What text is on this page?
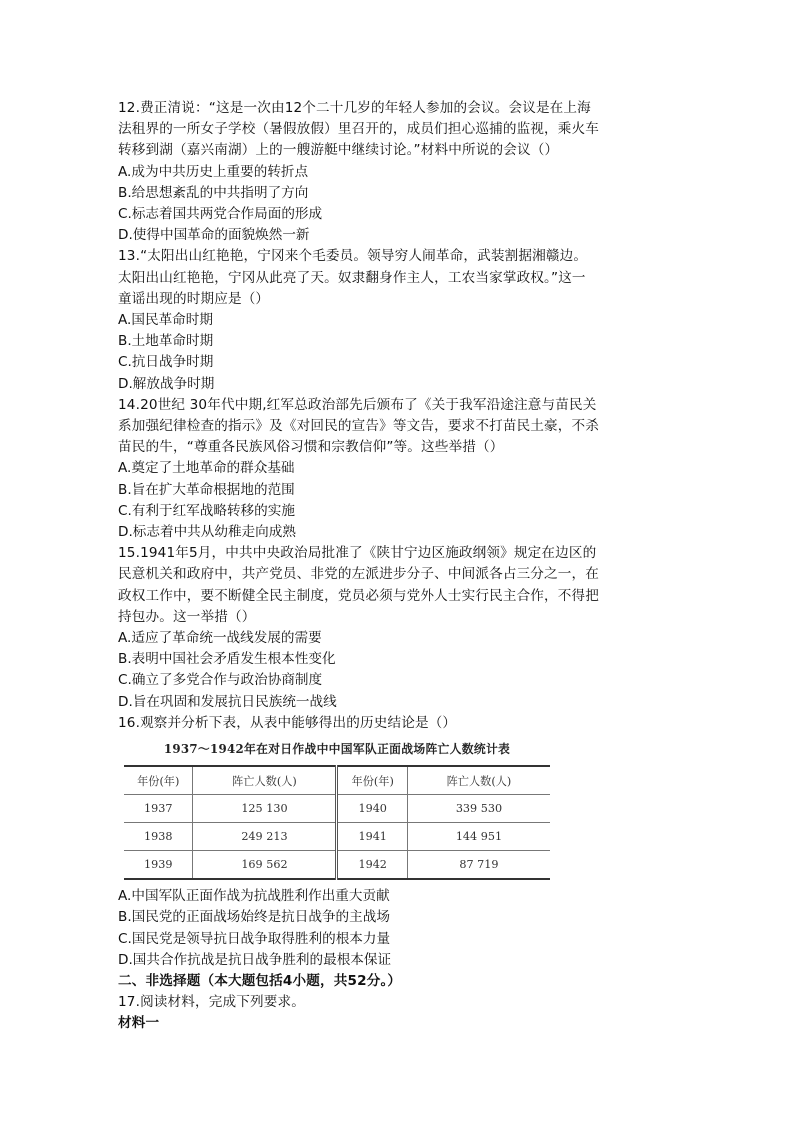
12.费正清说：“这是一次由12个二十几岁的年轻人参加的会议。会议是在上海
法租界的一所女子学校（暑假放假）里召开的，成员们担心巡捕的监视，乘火车
转移到湖（嘉兴南湖）上的一艘游艇中继续讨论。”材料中所说的会议（）
A.成为中共历史上重要的转折点
B.给思想紊乱的中共指明了方向
C.标志着国共两党合作局面的形成
D.使得中国革命的面貌焕然一新
13.“太阳出山红艳艳，宁冈来个毛委员。领导穷人闹革命，武装割据湘赣边。
太阳出山红艳艳，宁冈从此亮了天。奴隶翻身作主人，工农当家掌政权。”这一
童谣出现的时期应是（）
A.国民革命时期
B.土地革命时期
C.抗日战争时期
D.解放战争时期
14.20世纪 30年代中期,红军总政治部先后颁布了《关于我军沿途注意与苗民关
系加强纪律检查的指示》及《对回民的宣告》等文告，要求不打苗民土豪，不杀
苗民的牛，“尊重各民族风俗习惯和宗教信仰”等。这些举措（）
A.奠定了土地革命的群众基础
B.旨在扩大革命根据地的范围
C.有利于红军战略转移的实施
D.标志着中共从幼稚走向成熟
15.1941年5月，中共中央政治局批准了《陕甘宁边区施政纲领》规定在边区的
民意机关和政府中，共产党员、非党的左派进步分子、中间派各占三分之一，在
政权工作中，要不断健全民主制度，党员必须与党外人士实行民主合作，不得把
持包办。这一举措（）
A.适应了革命统一战线发展的需要
B.表明中国社会矛盾发生根本性变化
C.确立了多党合作与政治协商制度
D.旨在巩固和发展抗日民族统一战线
16.观察并分析下表，从表中能够得出的历史结论是（）
1937～1942年在对日作战中中国军队正面战场阵亡人数统计表
年份(年)	阵亡人数(人)	年份(年)	阵亡人数(人)
1937	125 130	1940	339 530
1938	249 213	1941	144 951
1939	169 562	1942	87 719
A.中国军队正面作战为抗战胜利作出重大贡献
B.国民党的正面战场始终是抗日战争的主战场
C.国民党是领导抗日战争取得胜利的根本力量
D.国共合作抗战是抗日战争胜利的最根本保证
二、非选择题（本大题包括4小题，共52分。）
17.阅读材料，完成下列要求。
材料一
